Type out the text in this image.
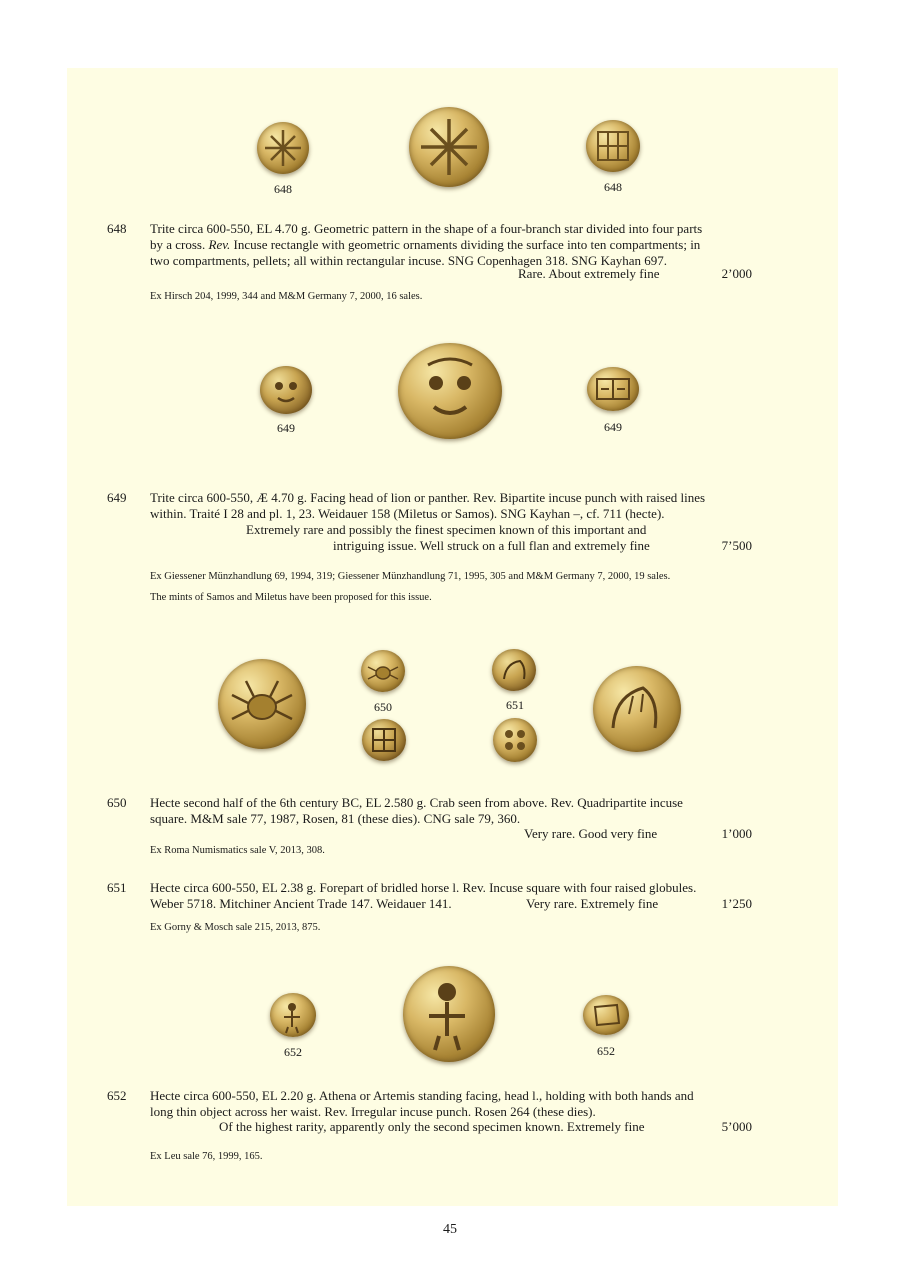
648	648
648 Trite circa 600-550, EL 4.70 g. Geometric pattern in the shape of a four-branch star divided into four parts
by a cross. Rev. Incuse rectangle with geometric ornaments dividing the surface into ten compartments; in
two compartments, pellets; all within rectangular incuse. SNG Copenhagen 318. SNG Kayhan 697.
Rare. About extremely fine	2’000
Ex Hirsch 204, 1999, 344 and M&M Germany 7, 2000, 16 sales.
649	649
649 Trite circa 600-550, Æ 4.70 g. Facing head of lion or panther. Rev. Bipartite incuse punch with raised lines
within. Traité I 28 and pl. 1, 23. Weidauer 158 (Miletus or Samos). SNG Kayhan –, cf. 711 (hecte).
Extremely rare and possibly the finest specimen known of this important and
intriguing issue. Well struck on a full flan and extremely fine	7’500
Ex Giessener Münzhandlung 69, 1994, 319; Giessener Münzhandlung 71, 1995, 305 and M&M Germany 7, 2000, 19 sales.
The mints of Samos and Miletus have been proposed for this issue.
650	651
650 Hecte second half of the 6th century BC, EL 2.580 g. Crab seen from above. Rev. Quadripartite incuse
square. M&M sale 77, 1987, Rosen, 81 (these dies). CNG sale 79, 360.
Very rare. Good very fine	1’000
Ex Roma Numismatics sale V, 2013, 308.
651 Hecte circa 600-550, EL 2.38 g. Forepart of bridled horse l. Rev. Incuse square with four raised globules.
Weber 5718. Mitchiner Ancient Trade 147. Weidauer 141.	Very rare. Extremely fine	1’250
Ex Gorny & Mosch sale 215, 2013, 875.
652	652
652 Hecte circa 600-550, EL 2.20 g. Athena or Artemis standing facing, head l., holding with both hands and
long thin object across her waist. Rev. Irregular incuse punch. Rosen 264 (these dies).
Of the highest rarity, apparently only the second specimen known. Extremely fine	5’000
Ex Leu sale 76, 1999, 165.
45
